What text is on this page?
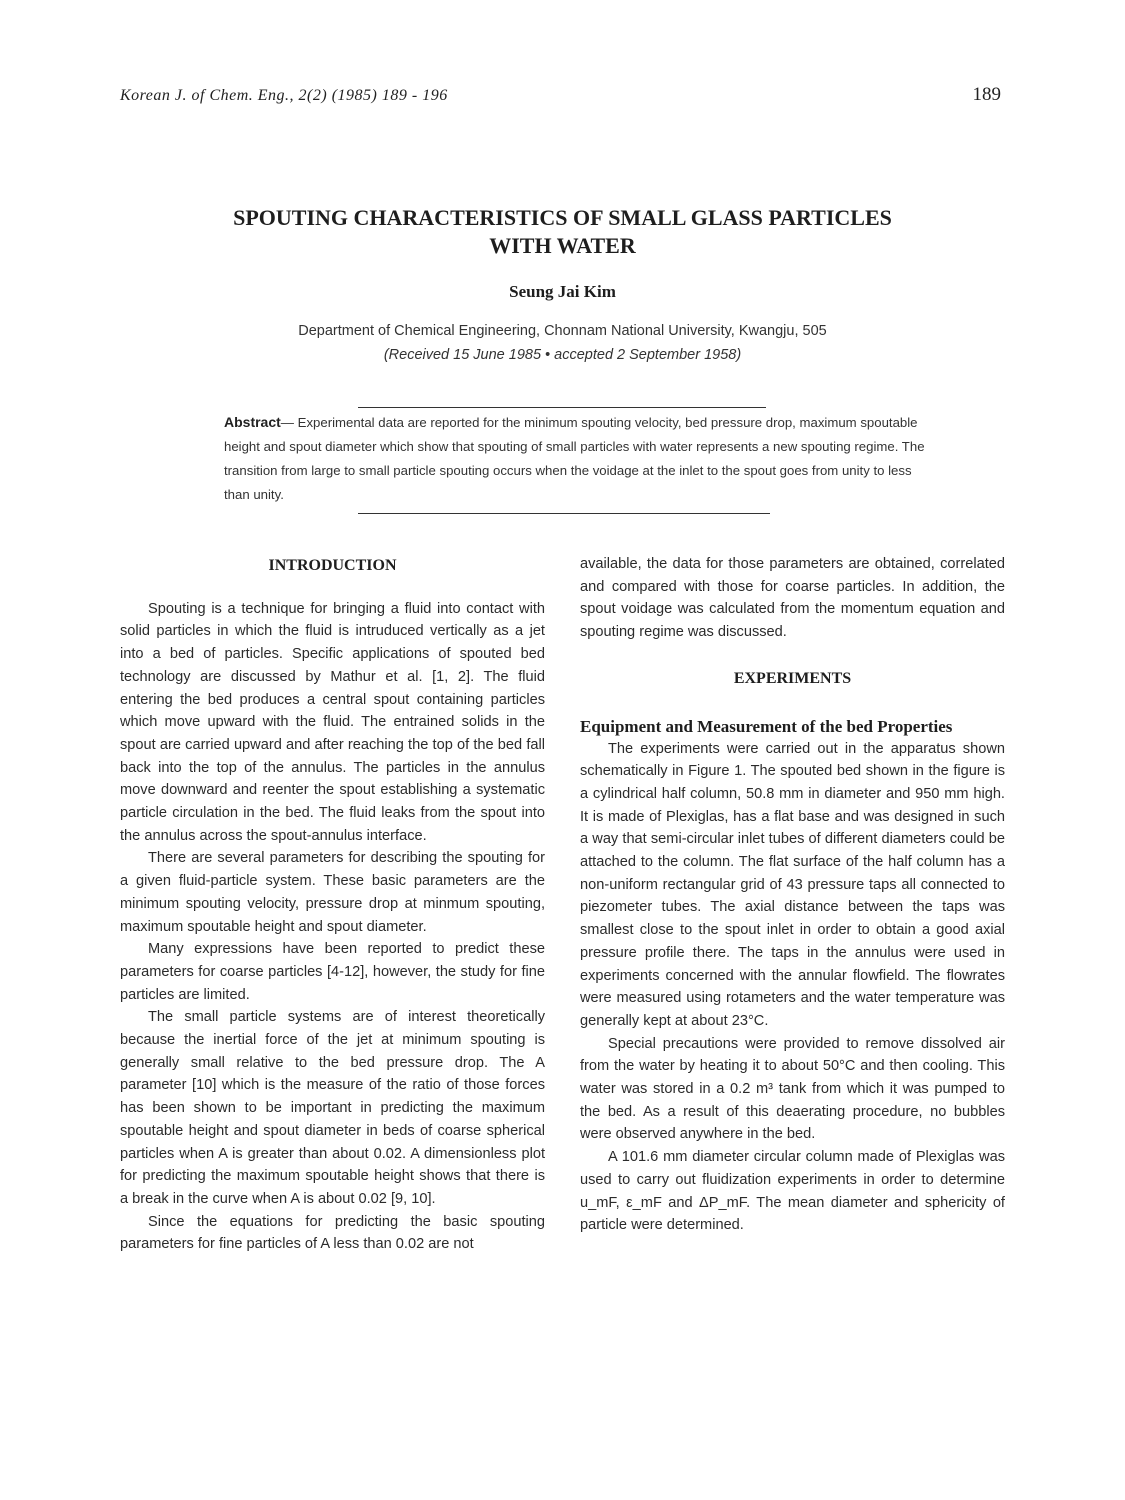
Korean J. of Chem. Eng., 2(2) (1985) 189 - 196	189
SPOUTING CHARACTERISTICS OF SMALL GLASS PARTICLES
WITH WATER
Seung Jai Kim
Department of Chemical Engineering, Chonnam National University, Kwangju, 505
(Received 15 June 1985 • accepted 2 September 1958)
Abstract— Experimental data are reported for the minimum spouting velocity, bed pressure drop, maximum spoutable height and spout diameter which show that spouting of small particles with water represents a new spouting regime. The transition from large to small particle spouting occurs when the voidage at the inlet to the spout goes from unity to less than unity.
INTRODUCTION

Spouting is a technique for bringing a fluid into contact with solid particles in which the fluid is intruduced vertically as a jet into a bed of particles. Specific applications of spouted bed technology are discussed by Mathur et al. [1, 2]. The fluid entering the bed produces a central spout containing particles which move upward with the fluid. The entrained solids in the spout are carried upward and after reaching the top of the bed fall back into the top of the annulus. The particles in the annulus move downward and reenter the spout establishing a systematic particle circulation in the bed. The fluid leaks from the spout into the annulus across the spout-annulus interface.

There are several parameters for describing the spouting for a given fluid-particle system. These basic parameters are the minimum spouting velocity, pressure drop at minmum spouting, maximum spoutable height and spout diameter.

Many expressions have been reported to predict these parameters for coarse particles [4-12], however, the study for fine particles are limited.

The small particle systems are of interest theoretically because the inertial force of the jet at minimum spouting is generally small relative to the bed pressure drop. The A parameter [10] which is the measure of the ratio of those forces has been shown to be important in predicting the maximum spoutable height and spout diameter in beds of coarse spherical particles when A is greater than about 0.02. A dimensionless plot for predicting the maximum spoutable height shows that there is a break in the curve when A is about 0.02 [9, 10].

Since the equations for predicting the basic spouting parameters for fine particles of A less than 0.02 are not

available, the data for those parameters are obtained, correlated and compared with those for coarse particles. In addition, the spout voidage was calculated from the momentum equation and spouting regime was discussed.

EXPERIMENTS
Equipment and Measurement of the bed Properties

The experiments were carried out in the apparatus shown schematically in Figure 1. The spouted bed shown in the figure is a cylindrical half column, 50.8 mm in diameter and 950 mm high. It is made of Plexiglas, has a flat base and was designed in such a way that semi-circular inlet tubes of different diameters could be attached to the column. The flat surface of the half column has a non-uniform rectangular grid of 43 pressure taps all connected to piezometer tubes. The axial distance between the taps was smallest close to the spout inlet in order to obtain a good axial pressure profile there. The taps in the annulus were used in experiments concerned with the annular flowfield. The flowrates were measured using rotameters and the water temperature was generally kept at about 23°C.

Special precautions were provided to remove dissolved air from the water by heating it to about 50°C and then cooling. This water was stored in a 0.2 m³ tank from which it was pumped to the bed. As a result of this deaerating procedure, no bubbles were observed anywhere in the bed.

A 101.6 mm diameter circular column made of Plexiglas was used to carry out fluidization experiments in order to determine u_mF, ε_mF and ΔP_mF. The mean diameter and sphericity of particle were determined.
